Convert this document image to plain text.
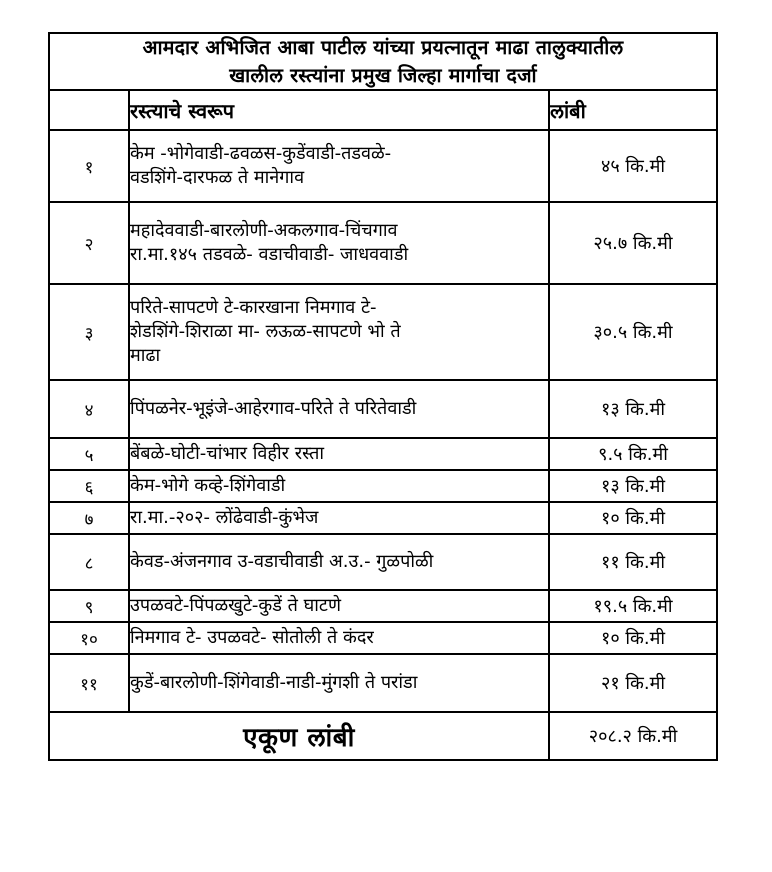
आमदार अभिजित आबा पाटील यांच्या प्रयत्नातून माढा तालुक्यातील
खालील रस्त्यांना प्रमुख जिल्हा मार्गाचा दर्जा		

	रस्त्याचे स्वरूप	लांबी
१	केम -भोगेवाडी-ढवळस-कुडेंवाडी-तडवळे-
वडशिंगे-दारफळ ते मानेगाव	४५ कि.मी
२	महादेववाडी-बारलोणी-अकलगाव-चिंचगाव
रा.मा.१४५ तडवळे- वडाचीवाडी- जाधववाडी	२५.७ कि.मी
३	परिते-सापटणे टे-कारखाना निमगाव टे-
शेडशिंगे-शिराळा मा- लऊळ-सापटणे भो ते
माढा	३०.५ कि.मी
४	पिंपळनेर-भूइंजे-आहेरगाव-परिते ते परितेवाडी	१३ कि.मी
५	बेंबळे-घोटी-चांभार विहीर रस्ता	९.५ कि.मी
६	केम-भोगे कव्हे-शिंगेवाडी	१३ कि.मी
७	रा.मा.-२०२- लोंढेवाडी-कुंभेज	१० कि.मी
८	केवड-अंजनगाव उ-वडाचीवाडी अ.उ.- गुळपोळी	११ कि.मी
९	उपळवटे-पिंपळखुटे-कुडें ते घाटणे	१९.५ कि.मी
१०	निमगाव टे- उपळवटे- सोतोली ते कंदर	१० कि.मी
११	कुडें-बारलोणी-शिंगेवाडी-नाडी-मुंगशी ते परांडा	२१ कि.मी
एकूण लांबी		२०८.२ कि.मी
